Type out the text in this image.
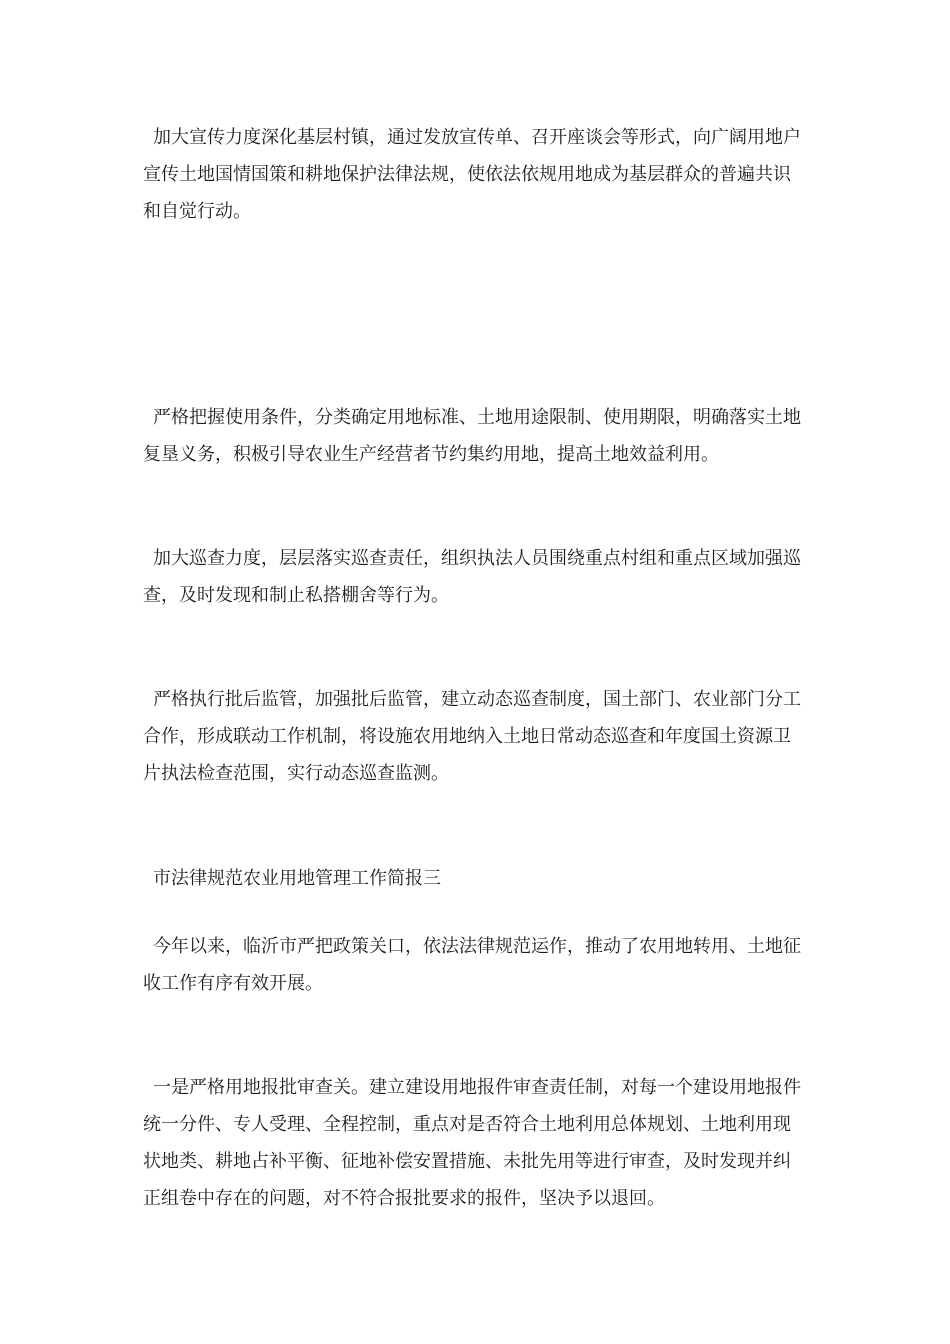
加大宣传力度深化基层村镇，通过发放宣传单、召开座谈会等形式，向广阔用地户宣传土地国情国策和耕地保护法律法规，使依法依规用地成为基层群众的普遍共识和自觉行动。

严格把握使用条件，分类确定用地标准、土地用途限制、使用期限，明确落实土地复垦义务，积极引导农业生产经营者节约集约用地，提高土地效益利用。

加大巡查力度，层层落实巡查责任，组织执法人员围绕重点村组和重点区域加强巡查，及时发现和制止私搭棚舍等行为。

严格执行批后监管，加强批后监管，建立动态巡查制度，国土部门、农业部门分工合作，形成联动工作机制，将设施农用地纳入土地日常动态巡查和年度国土资源卫片执法检查范围，实行动态巡查监测。

市法律规范农业用地管理工作简报三

今年以来，临沂市严把政策关口，依法法律规范运作，推动了农用地转用、土地征收工作有序有效开展。

一是严格用地报批审查关。建立建设用地报件审查责任制，对每一个建设用地报件统一分件、专人受理、全程控制，重点对是否符合土地利用总体规划、土地利用现状地类、耕地占补平衡、征地补偿安置措施、未批先用等进行审查，及时发现并纠正组卷中存在的问题，对不符合报批要求的报件，坚决予以退回。
